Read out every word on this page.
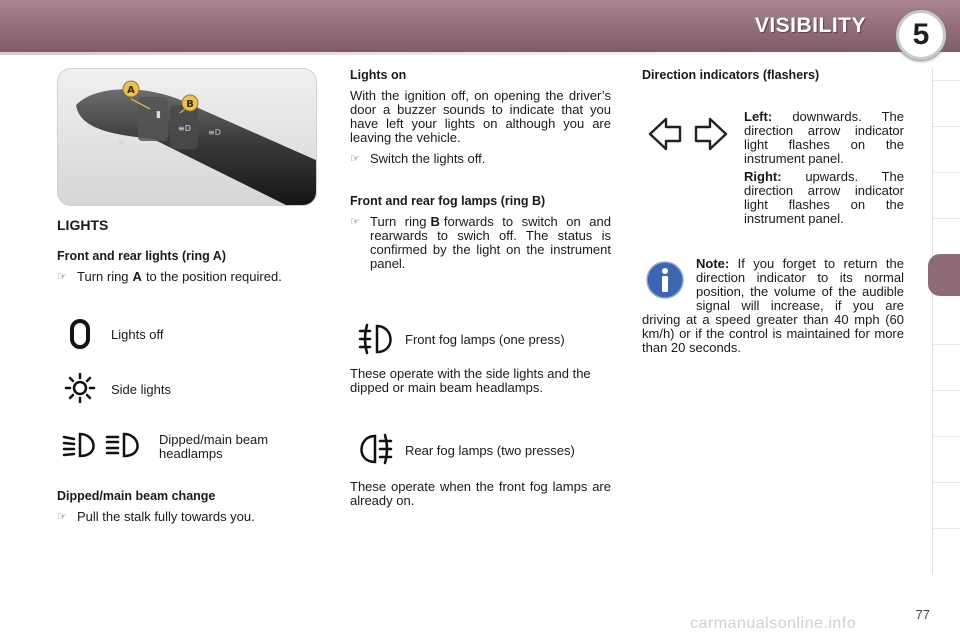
VISIBILITY	5
▮
≡D ≡D
☼
A
B
LIGHTS
Front and rear lights (ring A)
☞ Turn ring A to the position required.
Lights off
Side lights
Dipped/main beam headlamps
Dipped/main beam change
☞ Pull the stalk fully towards you.
Lights on

With the ignition off, on opening the driver’s door a buzzer sounds to indicate that you have left your lights on although you are leaving the vehicle.

☞ Switch the lights off.
Front and rear fog lamps (ring B)
☞ Turn ring B forwards to switch on and rearwards to swich off. The status is confirmed by the light on the instrument panel.
Front fog lamps (one press)

These operate with the side lights and the dipped or main beam headlamps.

Rear fog lamps (two presses)

These operate when the front fog lamps are already on.

Direction indicators (flashers)

Left: downwards. The direction arrow indicator light flashes on the instrument panel.

Right: upwards. The direction arrow indicator light flashes on the instrument panel.

Note: If you forget to return the direction indicator to its normal position, the volume of the audible signal will increase, if you are driving at a speed greater than 40 mph (60 km/h) or if the control is maintained for more than 20 seconds.

77
carmanualsonline.info
